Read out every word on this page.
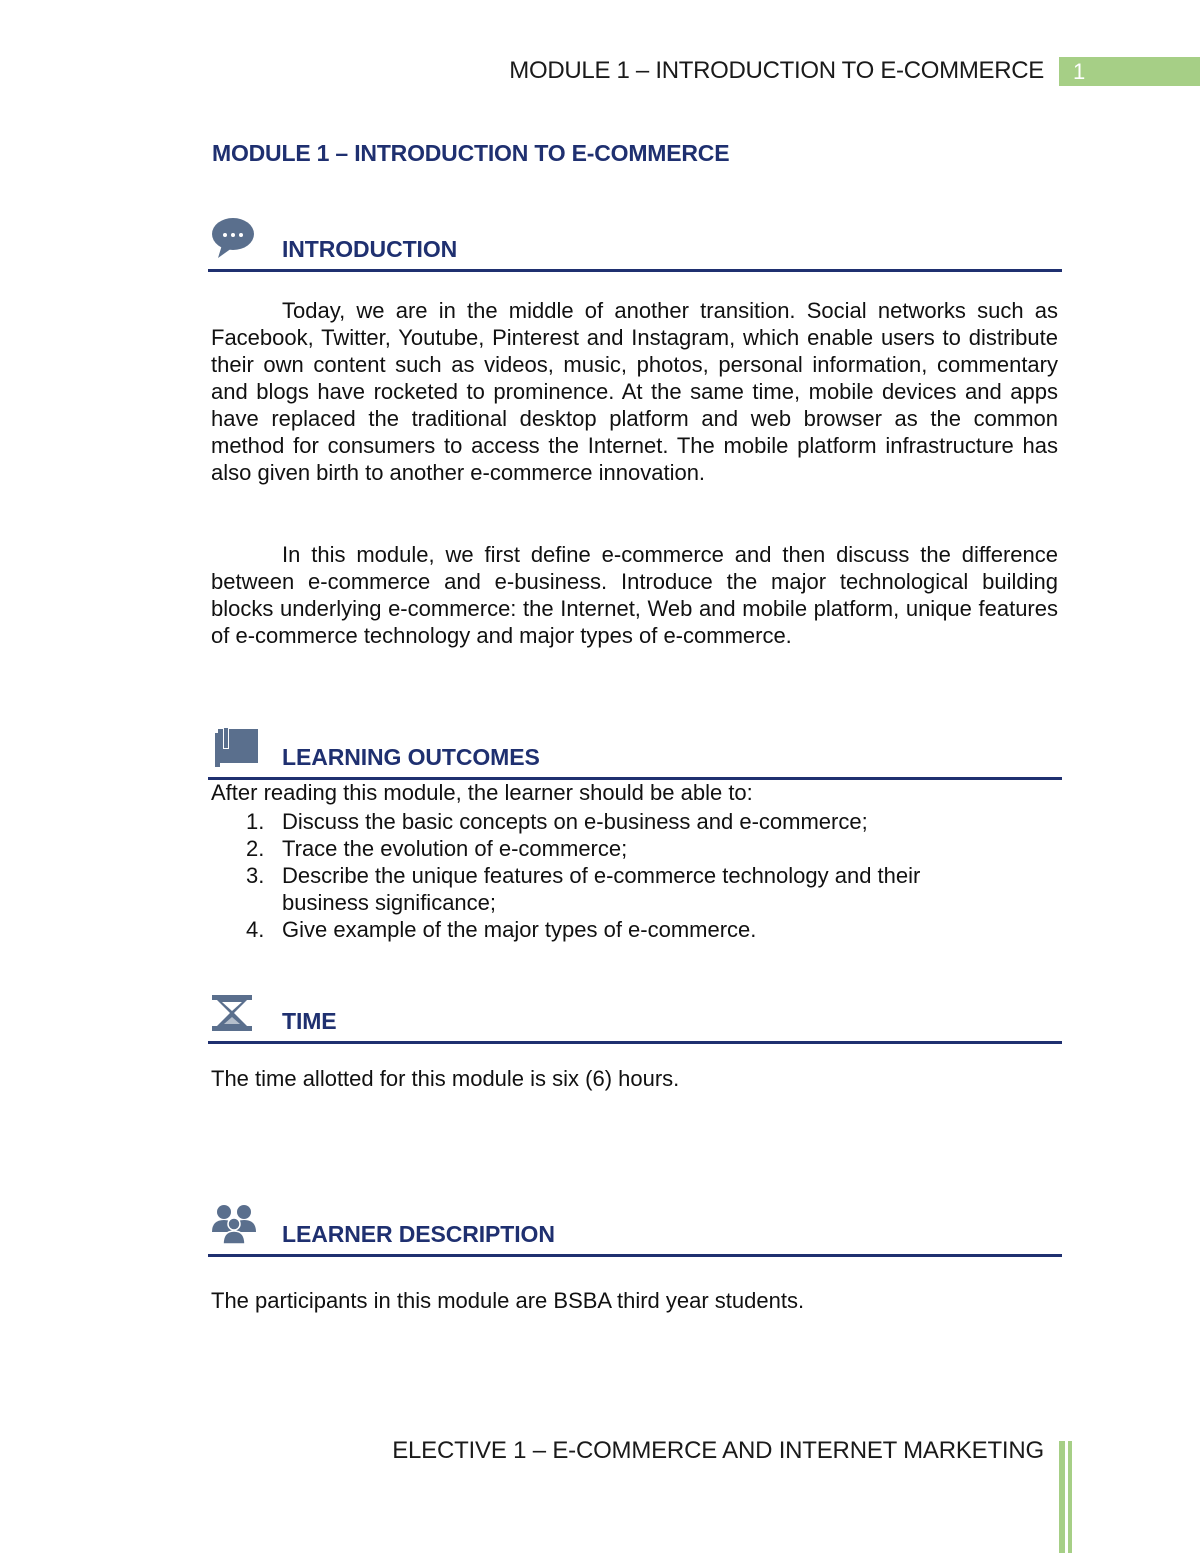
MODULE 1 – INTRODUCTION TO E-COMMERCE 1
MODULE 1 – INTRODUCTION TO E-COMMERCE
INTRODUCTION

Today, we are in the middle of another transition. Social networks such as Facebook, Twitter, Youtube, Pinterest and Instagram, which enable users to distribute their own content such as videos, music, photos, personal information, commentary and blogs have rocketed to prominence. At the same time, mobile devices and apps have replaced the traditional desktop platform and web browser as the common method for consumers to access the Internet. The mobile platform infrastructure has also given birth to another e-commerce innovation.

In this module, we first define e-commerce and then discuss the difference between e-commerce and e-business. Introduce the major technological building blocks underlying e-commerce: the Internet, Web and mobile platform, unique features of e-commerce technology and major types of e-commerce.

LEARNING OUTCOMES
After reading this module, the learner should be able to:
1. Discuss the basic concepts on e-business and e-commerce;
2. Trace the evolution of e-commerce;
3. Describe the unique features of e-commerce technology and their business significance;
4. Give example of the major types of e-commerce.
TIME
The time allotted for this module is six (6) hours.
LEARNER DESCRIPTION
The participants in this module are BSBA third year students.
ELECTIVE 1 – E-COMMERCE AND INTERNET MARKETING
